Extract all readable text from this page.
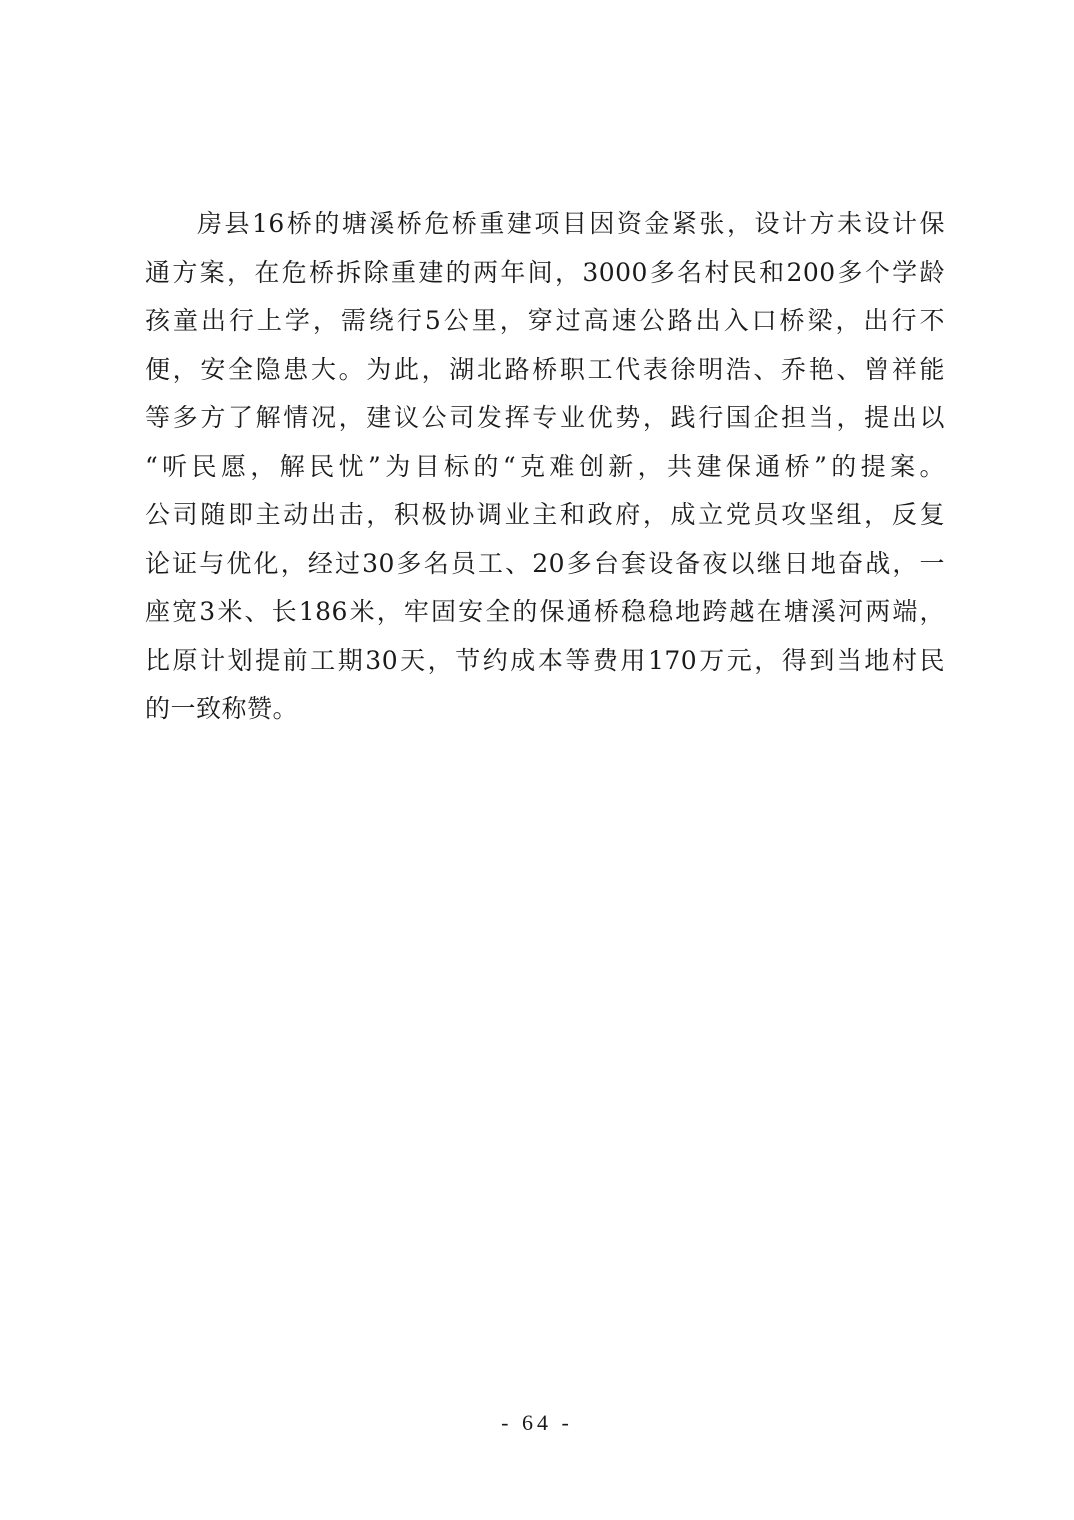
房县16桥的塘溪桥危桥重建项目因资金紧张，设计方未设计保
通方案，在危桥拆除重建的两年间，3000多名村民和200多个学龄
孩童出行上学，需绕行5公里，穿过高速公路出入口桥梁，出行不
便，安全隐患大。为此，湖北路桥职工代表徐明浩、乔艳、曾祥能
等多方了解情况，建议公司发挥专业优势，践行国企担当，提出以
“听民愿，解民忧”为目标的“克难创新，共建保通桥”的提案。
公司随即主动出击，积极协调业主和政府，成立党员攻坚组，反复
论证与优化，经过30多名员工、20多台套设备夜以继日地奋战，一
座宽3米、长186米，牢固安全的保通桥稳稳地跨越在塘溪河两端，
比原计划提前工期30天，节约成本等费用170万元，得到当地村民
的一致称赞。
- 64 -
